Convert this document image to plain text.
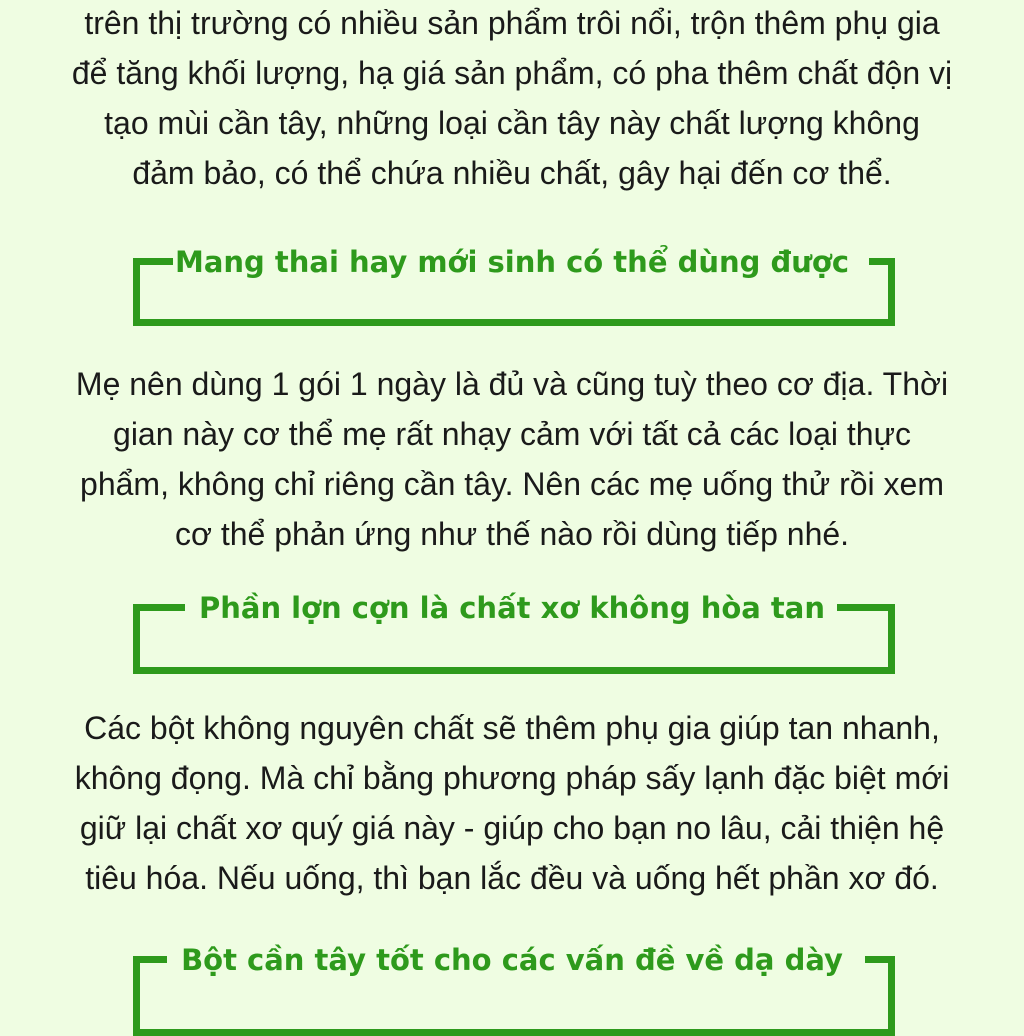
trên thị trường có nhiều sản phẩm trôi nổi, trộn thêm phụ gia
để tăng khối lượng, hạ giá sản phẩm, có pha thêm chất độn vị
tạo mùi cần tây, những loại cần tây này chất lượng không
đảm bảo, có thể chứa nhiều chất, gây hại đến cơ thể.
Mang thai hay mới sinh có thể dùng được
Mẹ nên dùng 1 gói 1 ngày là đủ và cũng tuỳ theo cơ địa. Thời
gian này cơ thể mẹ rất nhạy cảm với tất cả các loại thực
phẩm, không chỉ riêng cần tây. Nên các mẹ uống thử rồi xem
cơ thể phản ứng như thế nào rồi dùng tiếp nhé.
Phần lợn cợn là chất xơ không hòa tan
Các bột không nguyên chất sẽ thêm phụ gia giúp tan nhanh,
không đọng. Mà chỉ bằng phương pháp sấy lạnh đặc biệt mới
giữ lại chất xơ quý giá này - giúp cho bạn no lâu, cải thiện hệ
tiêu hóa. Nếu uống, thì bạn lắc đều và uống hết phần xơ đó.
Bột cần tây tốt cho các vấn đề về dạ dày
